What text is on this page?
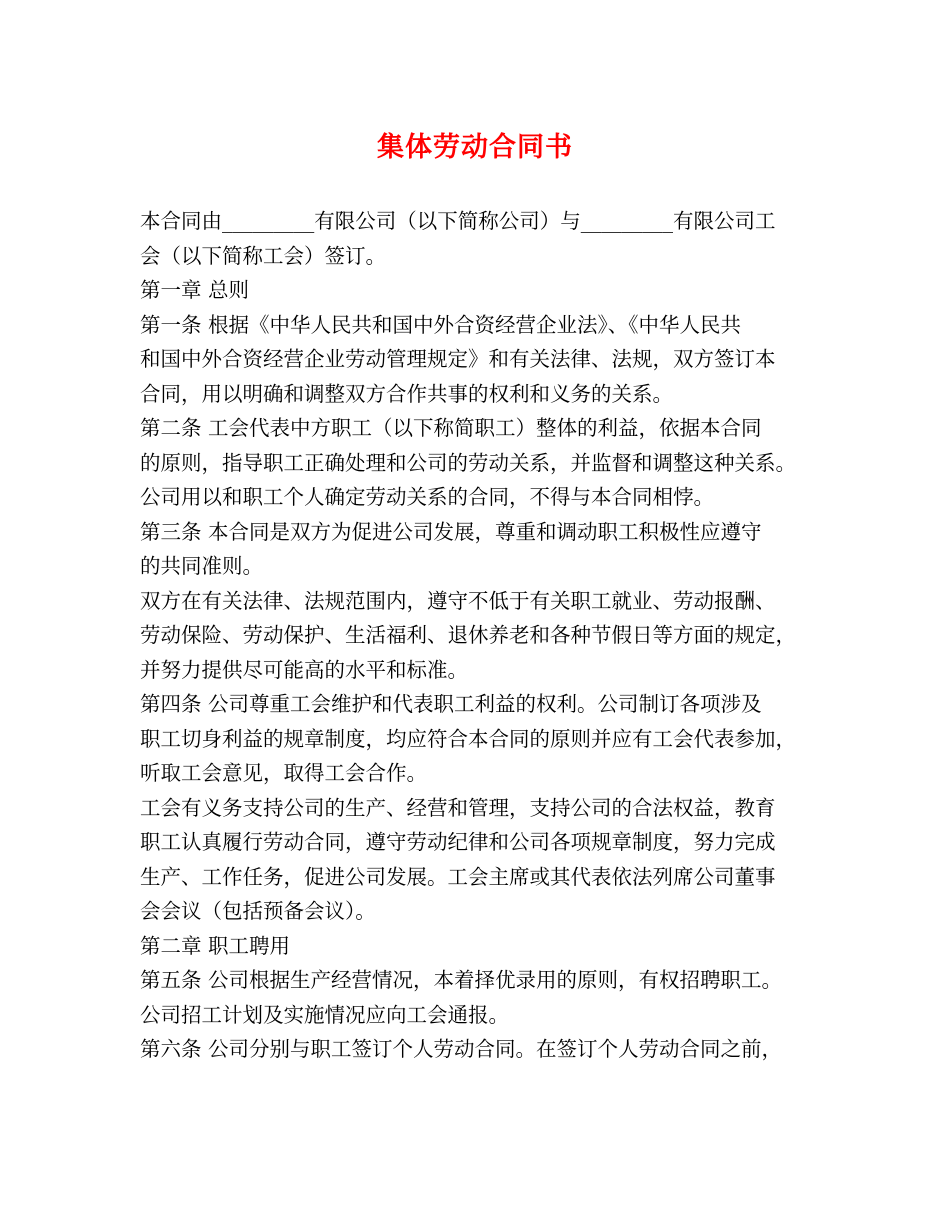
集体劳动合同书
本合同由_________有限公司（以下简称公司）与_________有限公司工
会（以下简称工会）签订。
第一章 总则
第一条 根据《中华人民共和国中外合资经营企业法》、《中华人民共
和国中外合资经营企业劳动管理规定》和有关法律、法规，双方签订本
合同，用以明确和调整双方合作共事的权利和义务的关系。
第二条 工会代表中方职工（以下称简职工）整体的利益，依据本合同
的原则，指导职工正确处理和公司的劳动关系，并监督和调整这种关系。
公司用以和职工个人确定劳动关系的合同，不得与本合同相悖。
第三条 本合同是双方为促进公司发展，尊重和调动职工积极性应遵守
的共同准则。
双方在有关法律、法规范围内，遵守不低于有关职工就业、劳动报酬、
劳动保险、劳动保护、生活福利、退休养老和各种节假日等方面的规定，
并努力提供尽可能高的水平和标准。
第四条 公司尊重工会维护和代表职工利益的权利。公司制订各项涉及
职工切身利益的规章制度，均应符合本合同的原则并应有工会代表参加，
听取工会意见，取得工会合作。
工会有义务支持公司的生产、经营和管理，支持公司的合法权益，教育
职工认真履行劳动合同，遵守劳动纪律和公司各项规章制度，努力完成
生产、工作任务，促进公司发展。工会主席或其代表依法列席公司董事
会会议（包括预备会议）。
第二章 职工聘用
第五条 公司根据生产经营情况，本着择优录用的原则，有权招聘职工。
公司招工计划及实施情况应向工会通报。
第六条 公司分别与职工签订个人劳动合同。在签订个人劳动合同之前，
